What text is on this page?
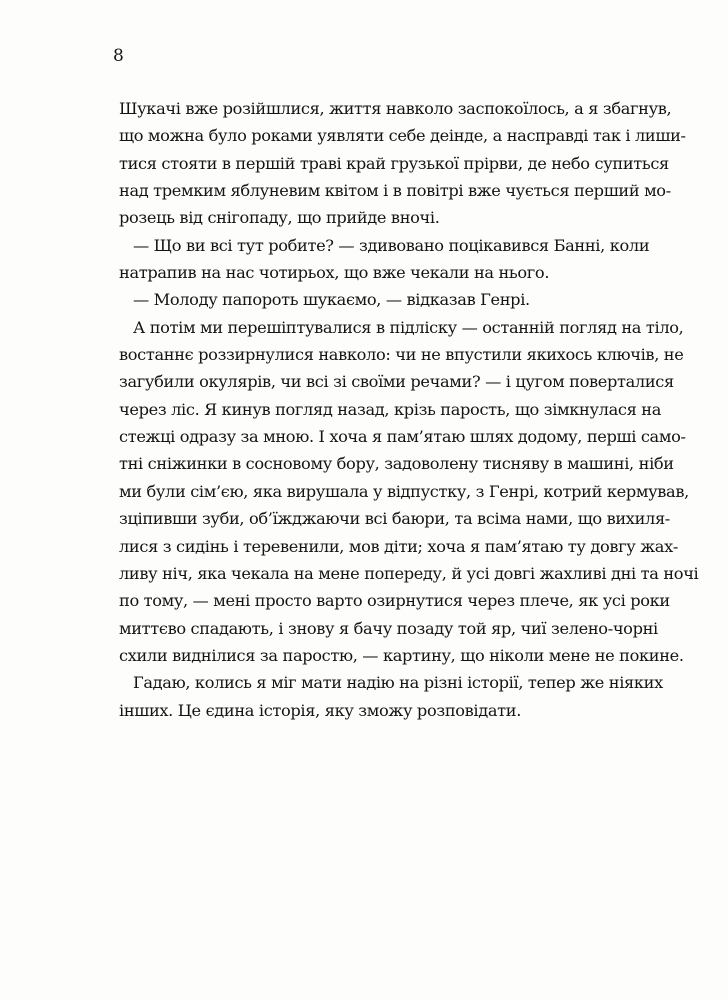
8
Шукачі вже розійшлися, життя навколо заспокоїлось, а я збагнув,
що можна було роками уявляти себе деінде, а насправді так і лиши-
тися стояти в першій траві край грузької прірви, де небо супиться
над тремким яблуневим квітом і в повітрі вже чується перший мо-
розець від снігопаду, що прийде вночі.
— Що ви всі тут робите? — здивовано поцікавився Банні, коли
натрапив на нас чотирьох, що вже чекали на нього.
— Молоду папороть шукаємо, — відказав Генрі.
А потім ми перешіптувалися в підліску — останній погляд на тіло,
востаннє роззирнулися навколо: чи не впустили якихось ключів, не
загубили окулярів, чи всі зі своїми речами? — і цугом поверталися
через ліс. Я кинув погляд назад, крізь парость, що зімкнулася на
стежці одразу за мною. І хоча я пам’ятаю шлях додому, перші само-
тні сніжинки в сосновому бору, задоволену тисняву в машині, ніби
ми були сім’єю, яка вирушала у відпустку, з Генрі, котрий кермував,
зціпивши зуби, об’їжджаючи всі баюри, та всіма нами, що вихиля-
лися з сидінь і теревенили, мов діти; хоча я пам’ятаю ту довгу жах-
ливу ніч, яка чекала на мене попереду, й усі довгі жахливі дні та ночі
по тому, — мені просто варто озирнутися через плече, як усі роки
миттєво спадають, і знову я бачу позаду той яр, чиї зелено-чорні
схили виднілися за паростю, — картину, що ніколи мене не покине.
Гадаю, колись я міг мати надію на різні історії, тепер же ніяких
інших. Це єдина історія, яку зможу розповідати.
